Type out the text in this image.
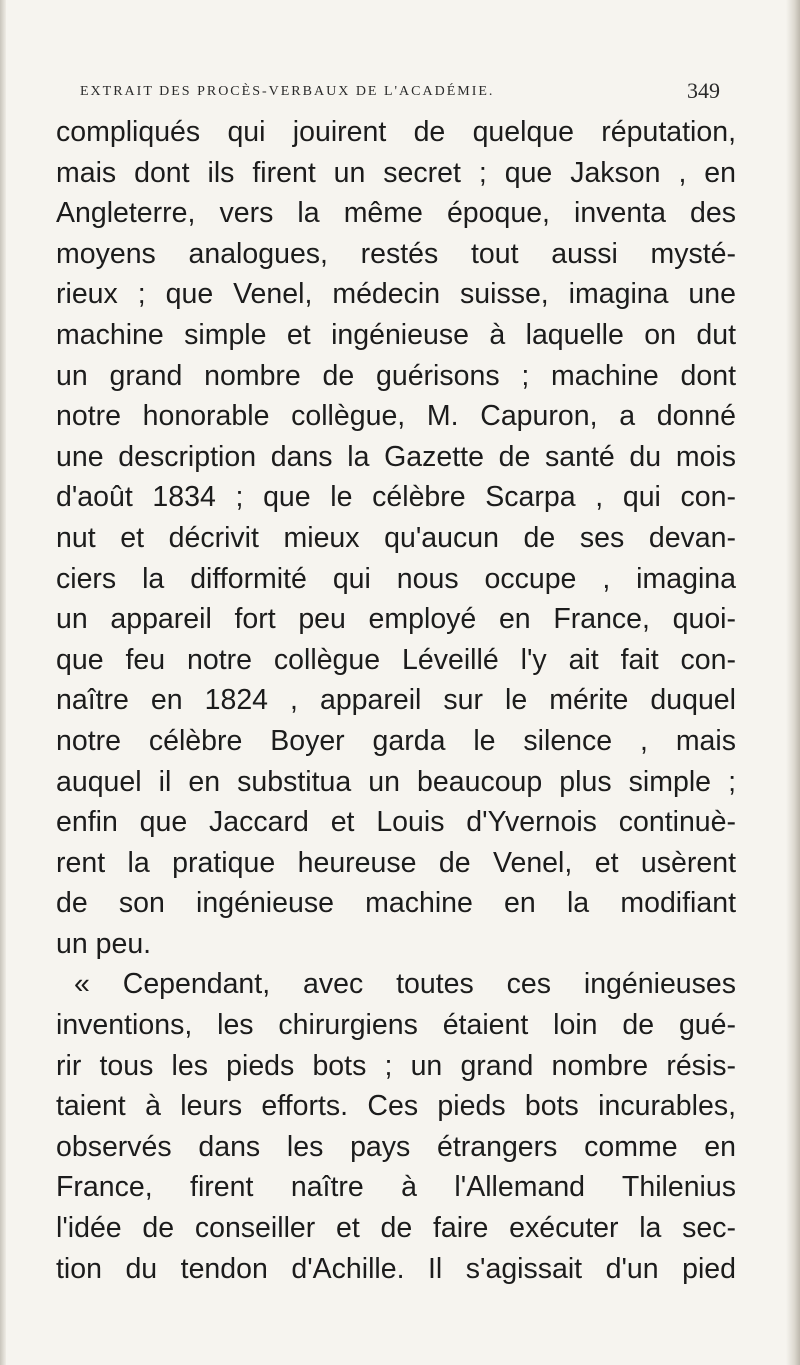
EXTRAIT DES PROCÈS-VERBAUX DE L'ACADÉMIE.	349
compliqués qui jouirent de quelque réputation,
mais dont ils firent un secret ; que Jakson , en
Angleterre, vers la même époque, inventa des
moyens analogues, restés tout aussi mysté-
rieux ; que Venel, médecin suisse, imagina une
machine simple et ingénieuse à laquelle on dut
un grand nombre de guérisons ; machine dont
notre honorable collègue, M. Capuron, a donné
une description dans la Gazette de santé du mois
d'août 1834 ; que le célèbre Scarpa , qui con-
nut et décrivit mieux qu'aucun de ses devan-
ciers la difformité qui nous occupe , imagina
un appareil fort peu employé en France, quoi-
que feu notre collègue Léveillé l'y ait fait con-
naître en 1824 , appareil sur le mérite duquel
notre célèbre Boyer garda le silence , mais
auquel il en substitua un beaucoup plus simple ;
enfin que Jaccard et Louis d'Yvernois continuè-
rent la pratique heureuse de Venel, et usèrent
de son ingénieuse machine en la modifiant
un peu.
« Cependant, avec toutes ces ingénieuses
inventions, les chirurgiens étaient loin de gué-
rir tous les pieds bots ; un grand nombre résis-
taient à leurs efforts. Ces pieds bots incurables,
observés dans les pays étrangers comme en
France, firent naître à l'Allemand Thilenius
l'idée de conseiller et de faire exécuter la sec-
tion du tendon d'Achille. Il s'agissait d'un pied
